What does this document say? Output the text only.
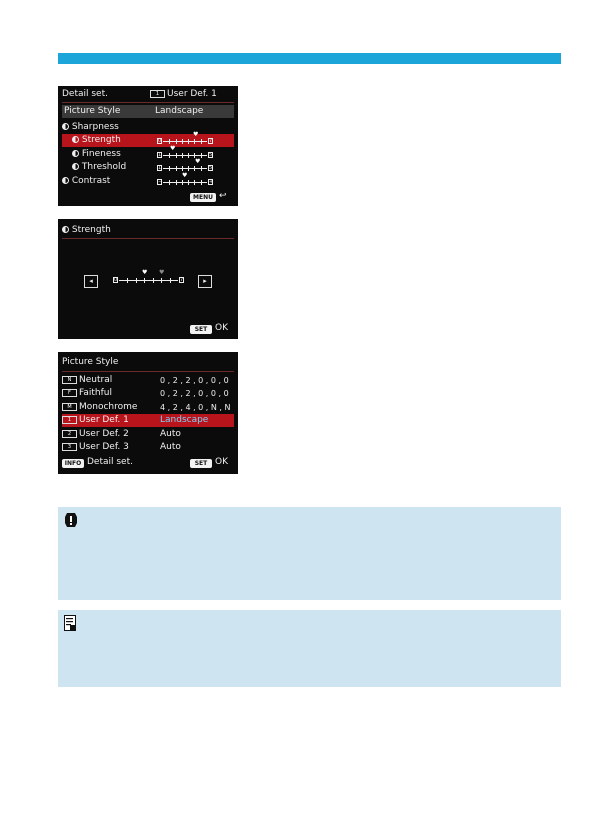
Detail set.	1 User Def. 1
Picture Style	Landscape
Sharpness
Strength	0	7
♥
Fineness	1	5
♥
Threshold	1	5
♥
Contrast	−	+
♥
MENU ↩
Strength
◂	0	7
♥ ♥
▸
SET OK
Picture Style
N Neutral	0 , 2 , 2 , 0 , 0 , 0
F Faithful	0 , 2 , 2 , 0 , 0 , 0
M Monochrome	4 , 2 , 4 , 0 , N , N
1 User Def. 1	Landscape
2 User Def. 2	Auto
3 User Def. 3	Auto
INFO Detail set.	SET OK
